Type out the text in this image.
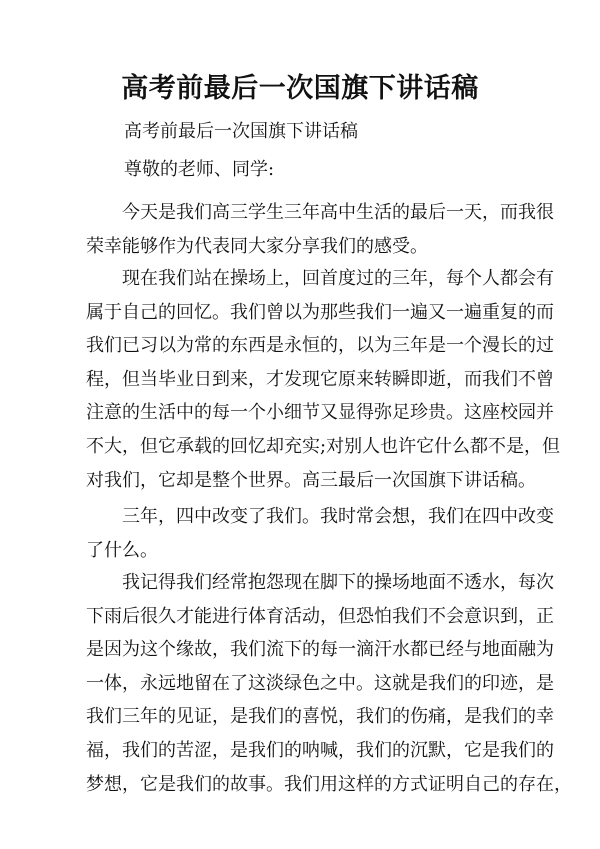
高考前最后一次国旗下讲话稿
高考前最后一次国旗下讲话稿
尊敬的老师、同学:
今天是我们高三学生三年高中生活的最后一天，而我很
荣幸能够作为代表同大家分享我们的感受。
现在我们站在操场上，回首度过的三年，每个人都会有
属于自己的回忆。我们曾以为那些我们一遍又一遍重复的而
我们已习以为常的东西是永恒的，以为三年是一个漫长的过
程，但当毕业日到来，才发现它原来转瞬即逝，而我们不曾
注意的生活中的每一个小细节又显得弥足珍贵。这座校园并
不大，但它承载的回忆却充实;对别人也许它什么都不是，但
对我们，它却是整个世界。高三最后一次国旗下讲话稿。
三年，四中改变了我们。我时常会想，我们在四中改变
了什么。
我记得我们经常抱怨现在脚下的操场地面不透水，每次
下雨后很久才能进行体育活动，但恐怕我们不会意识到，正
是因为这个缘故，我们流下的每一滴汗水都已经与地面融为
一体，永远地留在了这淡绿色之中。这就是我们的印迹，是
我们三年的见证，是我们的喜悦，我们的伤痛，是我们的幸
福，我们的苦涩，是我们的呐喊，我们的沉默，它是我们的
梦想，它是我们的故事。我们用这样的方式证明自己的存在，
